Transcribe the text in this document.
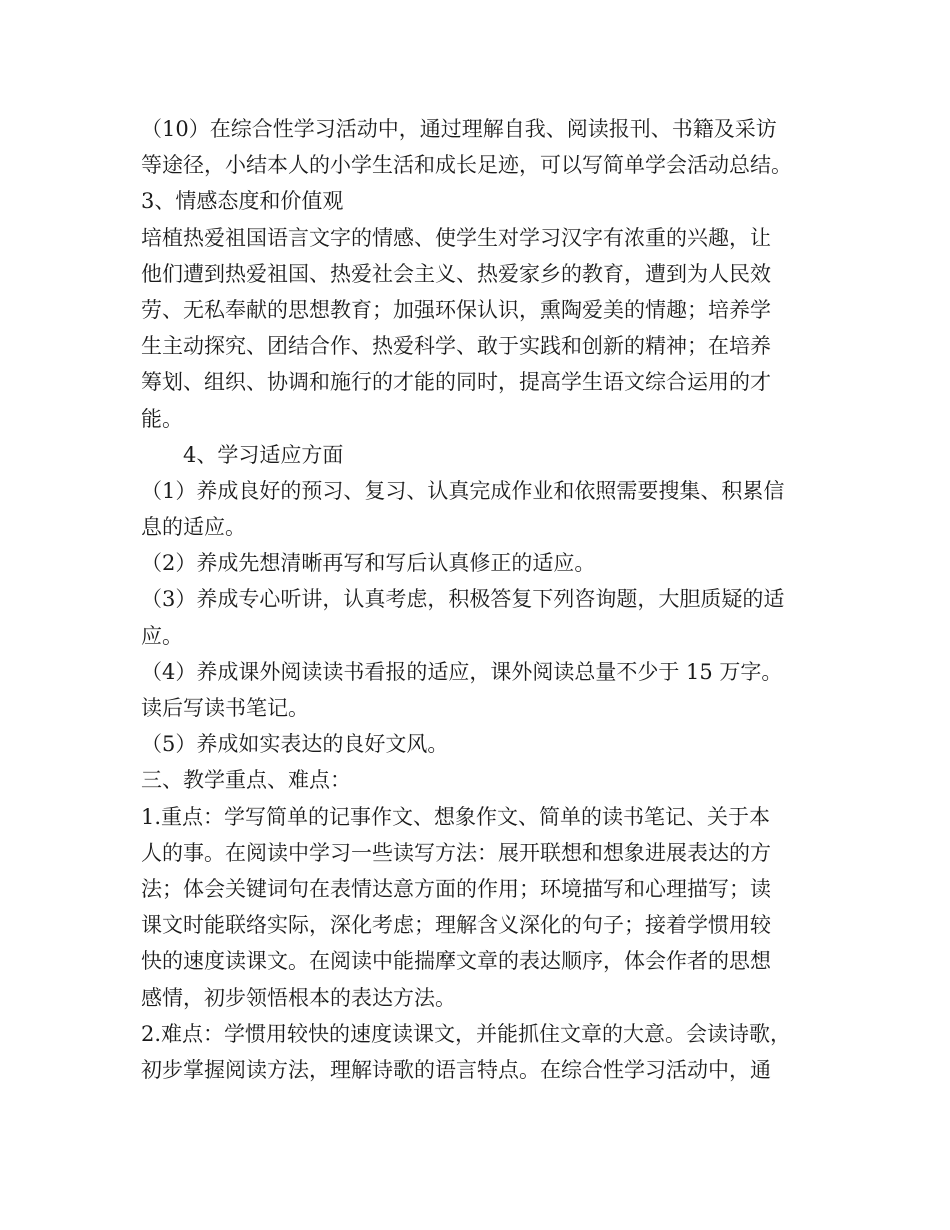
（10）在综合性学习活动中，通过理解自我、阅读报刊、书籍及采访
等途径，小结本人的小学生活和成长足迹，可以写简单学会活动总结。
3、情感态度和价值观
培植热爱祖国语言文字的情感、使学生对学习汉字有浓重的兴趣，让
他们遭到热爱祖国、热爱社会主义、热爱家乡的教育，遭到为人民效
劳、无私奉献的思想教育；加强环保认识，熏陶爱美的情趣；培养学
生主动探究、团结合作、热爱科学、敢于实践和创新的精神；在培养
筹划、组织、协调和施行的才能的同时，提高学生语文综合运用的才
能。
4、学习适应方面
（1）养成良好的预习、复习、认真完成作业和依照需要搜集、积累信
息的适应。
（2）养成先想清晰再写和写后认真修正的适应。
（3）养成专心听讲，认真考虑，积极答复下列咨询题，大胆质疑的适
应。
（4）养成课外阅读读书看报的适应，课外阅读总量不少于 15 万字。
读后写读书笔记。
（5）养成如实表达的良好文风。
三、教学重点、难点：
1.重点：学写简单的记事作文、想象作文、简单的读书笔记、关于本
人的事。在阅读中学习一些读写方法：展开联想和想象进展表达的方
法；体会关键词句在表情达意方面的作用；环境描写和心理描写；读
课文时能联络实际，深化考虑；理解含义深化的句子；接着学惯用较
快的速度读课文。在阅读中能揣摩文章的表达顺序，体会作者的思想
感情，初步领悟根本的表达方法。
2.难点：学惯用较快的速度读课文，并能抓住文章的大意。会读诗歌，
初步掌握阅读方法，理解诗歌的语言特点。在综合性学习活动中，通
